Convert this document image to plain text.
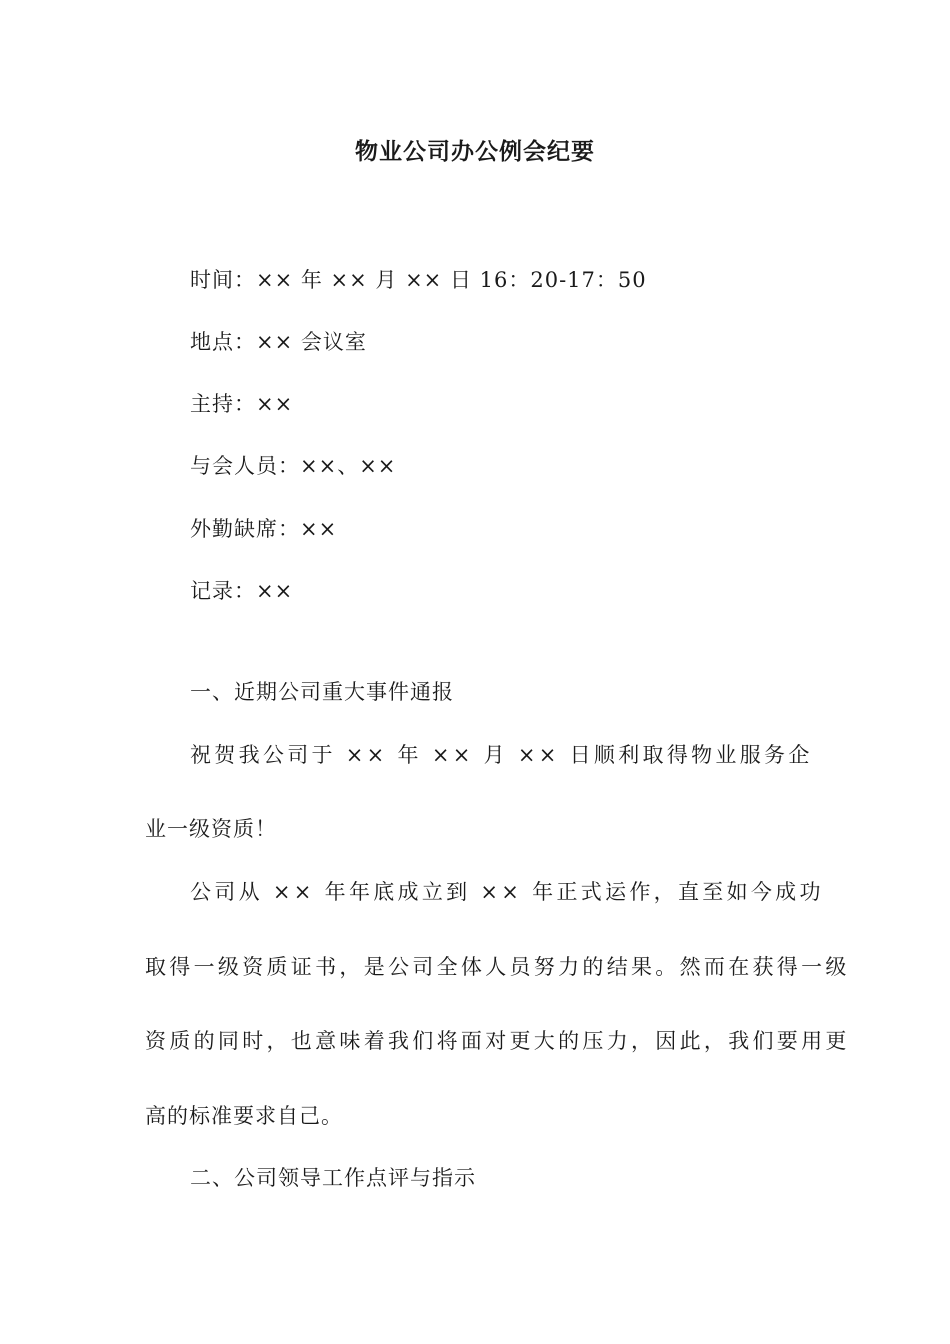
物业公司办公例会纪要
时间：×× 年 ×× 月 ×× 日 16：20-17：50
地点：×× 会议室
主持：××
与会人员：××、××
外勤缺席：××
记录：××
一、近期公司重大事件通报
祝贺我公司于 ×× 年 ×× 月 ×× 日顺利取得物业服务企
业一级资质！
公司从 ×× 年年底成立到 ×× 年正式运作，直至如今成功
取得一级资质证书，是公司全体人员努力的结果。然而在获得一级
资质的同时，也意味着我们将面对更大的压力，因此，我们要用更
高的标准要求自己。
二、公司领导工作点评与指示
